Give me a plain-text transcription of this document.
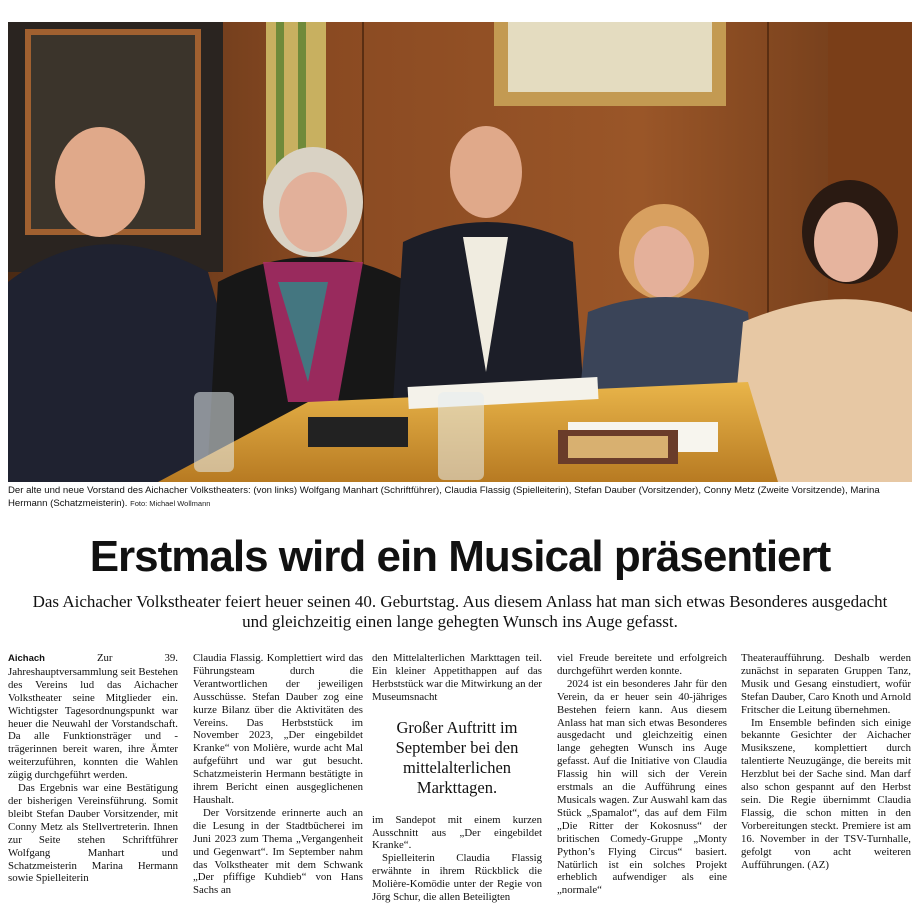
Der alte und neue Vorstand des Aichacher Volkstheaters: (von links) Wolfgang Manhart (Schriftführer), Claudia Flassig (Spielleiterin), Stefan Dauber (Vorsitzender), Conny Metz (Zweite Vorsitzende), Marina Hermann (Schatzmeisterin). Foto: Michael Wollmann
Erstmals wird ein Musical präsentiert

Das Aichacher Volkstheater feiert heuer seinen 40. Geburtstag. Aus diesem Anlass hat man sich etwas Besonderes ausgedacht und gleichzeitig einen lange gehegten Wunsch ins Auge gefasst.

Aichach	Zur 39. Jahreshauptversammlung seit Bestehen des Vereins lud das Aichacher Volkstheater seine Mitglieder ein. Wichtigster Tagesordnungspunkt war heuer die Neuwahl der Vorstandschaft. Da alle Funktionsträger und -trägerinnen bereit waren, ihre Ämter weiterzuführen, konnten die Wahlen zügig durchgeführt werden.

Das Ergebnis war eine Bestätigung der bisherigen Vereinsführung. Somit bleibt Stefan Dauber Vorsitzender, mit Conny Metz als Stellvertreterin. Ihnen zur Seite stehen Schriftführer Wolfgang Manhart und Schatzmeisterin Marina Hermann sowie Spielleiterin

Claudia Flassig. Komplettiert wird das Führungsteam durch die Verantwortlichen der jeweiligen Ausschüsse. Stefan Dauber zog eine kurze Bilanz über die Aktivitäten des Vereins. Das Herbststück im November 2023, „Der eingebildet Kranke“ von Molière, wurde acht Mal aufgeführt und war gut besucht. Schatzmeisterin Hermann bestätigte in ihrem Bericht einen ausgeglichenen Haushalt.

Der Vorsitzende erinnerte auch an die Lesung in der Stadtbücherei im Juni 2023 zum Thema „Vergangenheit und Gegenwart“. Im September nahm das Volkstheater mit dem Schwank „Der pfiffige Kuhdieb“ von Hans Sachs an

den Mittelalterlichen Markttagen teil. Ein kleiner Appetithappen auf das Herbststück war die Mitwirkung an der Museumsnacht

Großer Auftritt im September bei den mittelalterlichen Markttagen.

im Sandepot mit einem kurzen Ausschnitt aus „Der eingebildet Kranke“.

Spielleiterin Claudia Flassig erwähnte in ihrem Rückblick die Molière-Komödie unter der Regie von Jörg Schur, die allen Beteiligten

viel Freude bereitete und erfolgreich durchgeführt werden konnte.

2024 ist ein besonderes Jahr für den Verein, da er heuer sein 40-jähriges Bestehen feiern kann. Aus diesem Anlass hat man sich etwas Besonderes ausgedacht und gleichzeitig einen lange gehegten Wunsch ins Auge gefasst. Auf die Initiative von Claudia Flassig hin will sich der Verein erstmals an die Aufführung eines Musicals wagen. Zur Auswahl kam das Stück „Spamalot“, das auf dem Film „Die Ritter der Kokosnuss“ der britischen Comedy-Gruppe „Monty Python’s Flying Circus“ basiert. Natürlich ist ein solches Projekt erheblich aufwendiger als eine „normale“

Theateraufführung. Deshalb werden zunächst in separaten Gruppen Tanz, Musik und Gesang einstudiert, wofür Stefan Dauber, Caro Knoth und Arnold Fritscher die Leitung übernehmen.

Im Ensemble befinden sich einige bekannte Gesichter der Aichacher Musikszene, komplettiert durch talentierte Neuzugänge, die bereits mit Herzblut bei der Sache sind. Man darf also schon gespannt auf den Herbst sein. Die Regie übernimmt Claudia Flassig, die schon mitten in den Vorbereitungen steckt. Premiere ist am 16. November in der TSV-Turnhalle, gefolgt von acht weiteren Aufführungen. (AZ)
